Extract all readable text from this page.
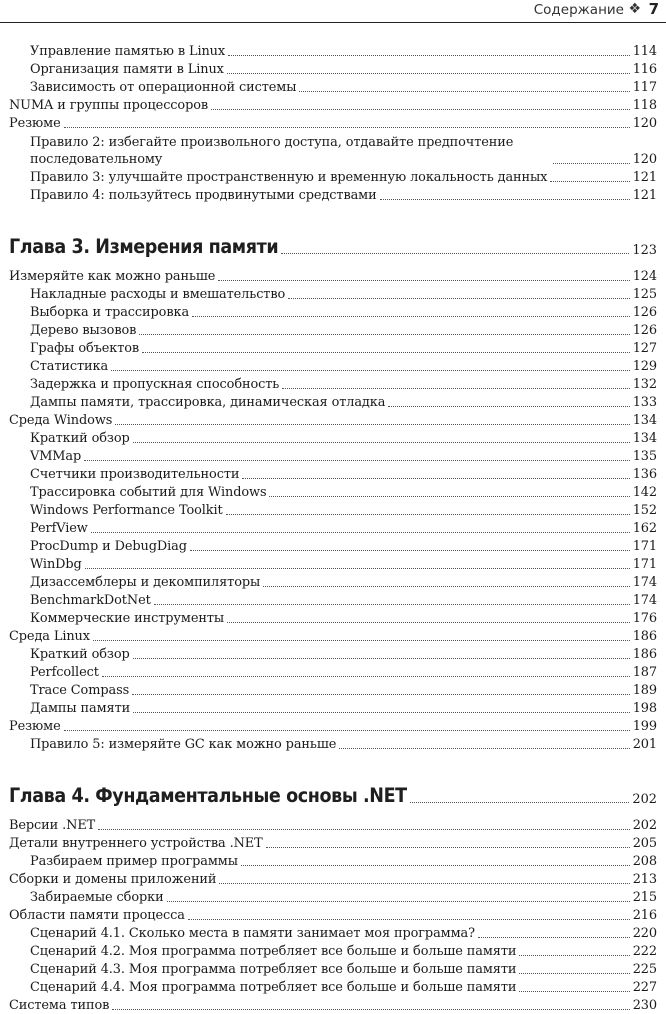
Содержание ❖ 7
Управление памятью в Linux	114
Организация памяти в Linux	116
Зависимость от операционной системы	117
NUMA и группы процессоров	118
Резюме	120
Правило 2: избегайте произвольного доступа, отдавайте предпочтение последовательному	120
Правило 3: улучшайте пространственную и временную локальность данных	121
Правило 4: пользуйтесь продвинутыми средствами	121
Глава 3. Измерения памяти	123
Измеряйте как можно раньше	124
Накладные расходы и вмешательство	125
Выборка и трассировка	126
Дерево вызовов	126
Графы объектов	127
Статистика	129
Задержка и пропускная способность	132
Дампы памяти, трассировка, динамическая отладка	133
Среда Windows	134
Краткий обзор	134
VMMap	135
Счетчики производительности	136
Трассировка событий для Windows	142
Windows Performance Toolkit	152
PerfView	162
ProcDump и DebugDiag	171
WinDbg	171
Дизассемблеры и декомпиляторы	174
BenchmarkDotNet	174
Коммерческие инструменты	176
Среда Linux	186
Краткий обзор	186
Perfcollect	187
Trace Compass	189
Дампы памяти	198
Резюме	199
Правило 5: измеряйте GC как можно раньше	201
Глава 4. Фундаментальные основы .NET	202
Версии .NET	202
Детали внутреннего устройства .NET	205
Разбираем пример программы	208
Сборки и домены приложений	213
Забираемые сборки	215
Области памяти процесса	216
Сценарий 4.1. Сколько места в памяти занимает моя программа?	220
Сценарий 4.2. Моя программа потребляет все больше и больше памяти	222
Сценарий 4.3. Моя программа потребляет все больше и больше памяти	225
Сценарий 4.4. Моя программа потребляет все больше и больше памяти	227
Система типов	230
